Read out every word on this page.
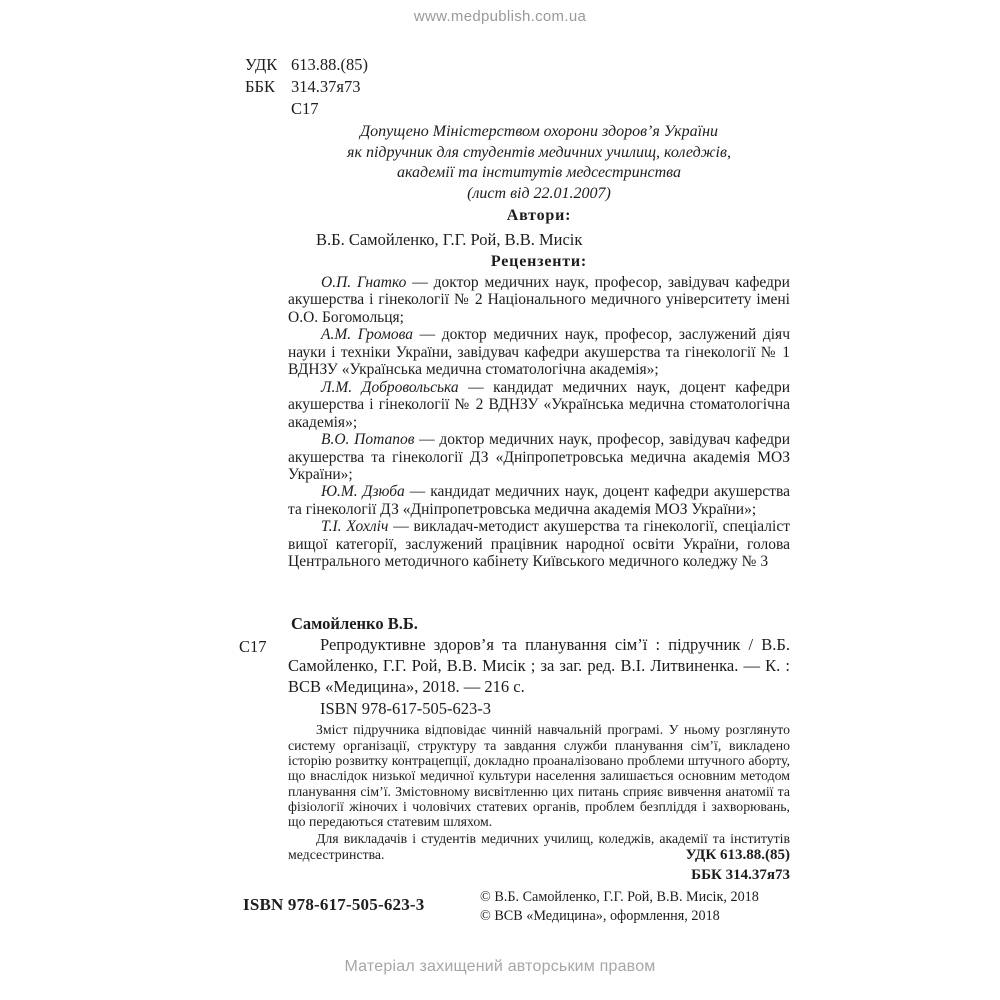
www.medpublish.com.ua
УДК 613.88.(85)
ББК 314.37я73
С17
Допущено Міністерством охорони здоров’я України
як підручник для студентів медичних училищ, коледжів,
академії та інститутів медсестринства
(лист від 22.01.2007)
Автори:
В.Б. Самойленко, Г.Г. Рой, В.В. Мисік
Рецензенти:

О.П. Гнатко — доктор медичних наук, професор, завідувач кафедри акушерства і гінекології № 2 Національного медичного університету імені О.О. Богомольця;

А.М. Громова — доктор медичних наук, професор, заслужений діяч науки і техніки України, завідувач кафедри акушерства та гінекології № 1 ВДНЗУ «Українська медична стоматологічна академія»;

Л.М. Добровольська — кандидат медичних наук, доцент кафедри акушерства і гінекології № 2 ВДНЗУ «Українська медична стоматологічна академія»;

В.О. Потапов — доктор медичних наук, професор, завідувач кафедри акушерства та гінекології ДЗ «Дніпропетровська медична академія МОЗ України»;

Ю.М. Дзюба — кандидат медичних наук, доцент кафедри акушерства та гінекології ДЗ «Дніпропетровська медична академія МОЗ України»;

Т.І. Хохліч — викладач-методист акушерства та гінекології, спеціаліст вищої категорії, заслужений працівник народної освіти України, голова Центрального методичного кабінету Київського медичного коледжу № 3

Самойленко В.Б.
С17	Репродуктивне здоров’я та планування сім’ї : підручник / В.Б. Самойленко, Г.Г. Рой, В.В. Мисік ; за заг. ред. В.І. Литвиненка. — К. : ВСВ «Медицина», 2018. — 216 с.

ISBN 978-617-505-623-3

Зміст підручника відповідає чинній навчальній програмі. У ньому розглянуто систему організації, структуру та завдання служби планування сім’ї, викладено історію розвитку контрацепції, докладно проаналізовано проблеми штучного аборту, що внаслідок низької медичної культури населення залишається основним методом планування сім’ї. Змістовному висвітленню цих питань сприяє вивчення анатомії та фізіології жіночих і чоловічих статевих органів, проблем безпліддя і захворювань, що передаються статевим шляхом.

Для викладачів і студентів медичних училищ, коледжів, академії та інститутів медсестринства.	УДК 613.88.(85)
ББК 314.37я73
ISBN 978-617-505-623-3	© В.Б. Самойленко, Г.Г. Рой, В.В. Мисік, 2018
© ВСВ «Медицина», оформлення, 2018
Матеріал захищений авторським правом
